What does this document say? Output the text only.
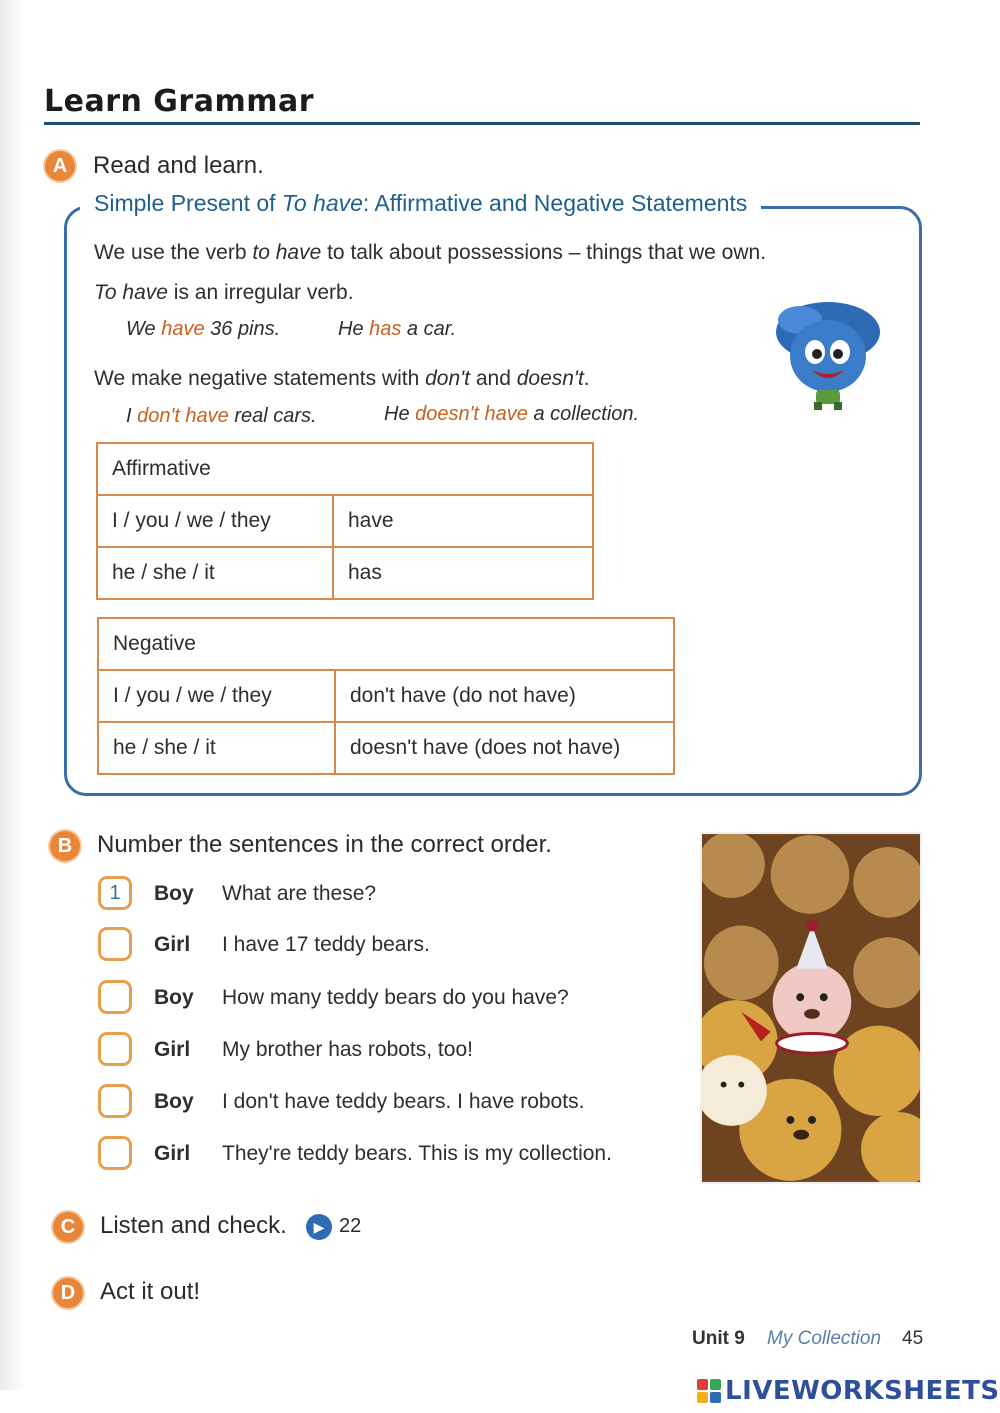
Learn Grammar
A	Read and learn.
Simple Present of To have: Affirmative and Negative Statements
We use the verb to have to talk about possessions – things that we own.
To have is an irregular verb.
We have 36 pins.	He has a car.
We make negative statements with don't and doesn't.
I don't have real cars.	He doesn't have a collection.
Affirmative	
I / you / we / they	have
he / she / it	has
Negative	
I / you / we / they	don't have (do not have)
he / she / it	doesn't have (does not have)
B	Number the sentences in the correct order.
1	Boy What are these?
Girl I have 17 teddy bears.
Boy How many teddy bears do you have?
Girl My brother has robots, too!
Boy I don't have teddy bears. I have robots.
Girl They're teddy bears. This is my collection.
C	Listen and check.	▶ 22
D	Act it out!
Unit 9 My Collection 45
LIVEWORKSHEETS
